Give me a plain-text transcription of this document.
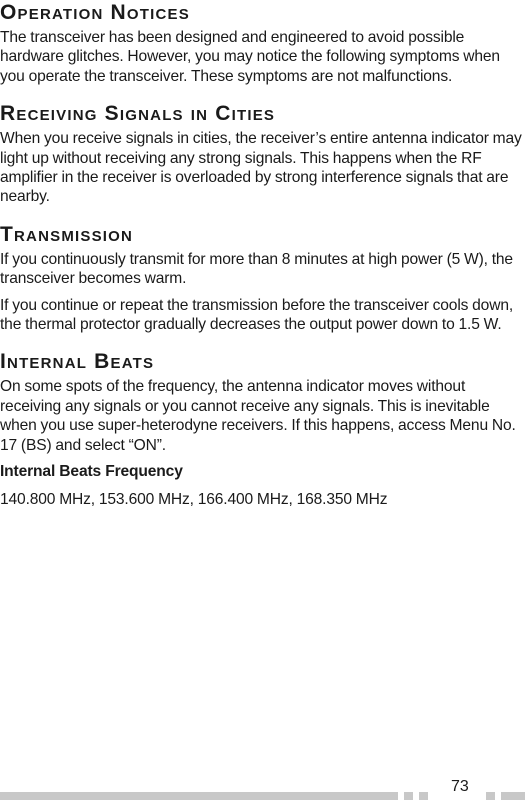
Operation Notices

The transceiver has been designed and engineered to avoid possible hardware glitches. However, you may notice the following symptoms when you operate the transceiver. These symptoms are not malfunctions.

Receiving Signals in Cities

When you receive signals in cities, the receiver’s entire antenna indicator may light up without receiving any strong signals. This happens when the RF amplifier in the receiver is overloaded by strong interference signals that are nearby.

Transmission

If you continuously transmit for more than 8 minutes at high power (5 W), the transceiver becomes warm.

If you continue or repeat the transmission before the transceiver cools down, the thermal protector gradually decreases the output power down to 1.5 W.

Internal Beats

On some spots of the frequency, the antenna indicator moves without receiving any signals or you cannot receive any signals. This is inevitable when you use super-heterodyne receivers. If this happens, access Menu No. 17 (BS) and select “ON”.

Internal Beats Frequency

140.800 MHz, 153.600 MHz, 166.400 MHz, 168.350 MHz

73
